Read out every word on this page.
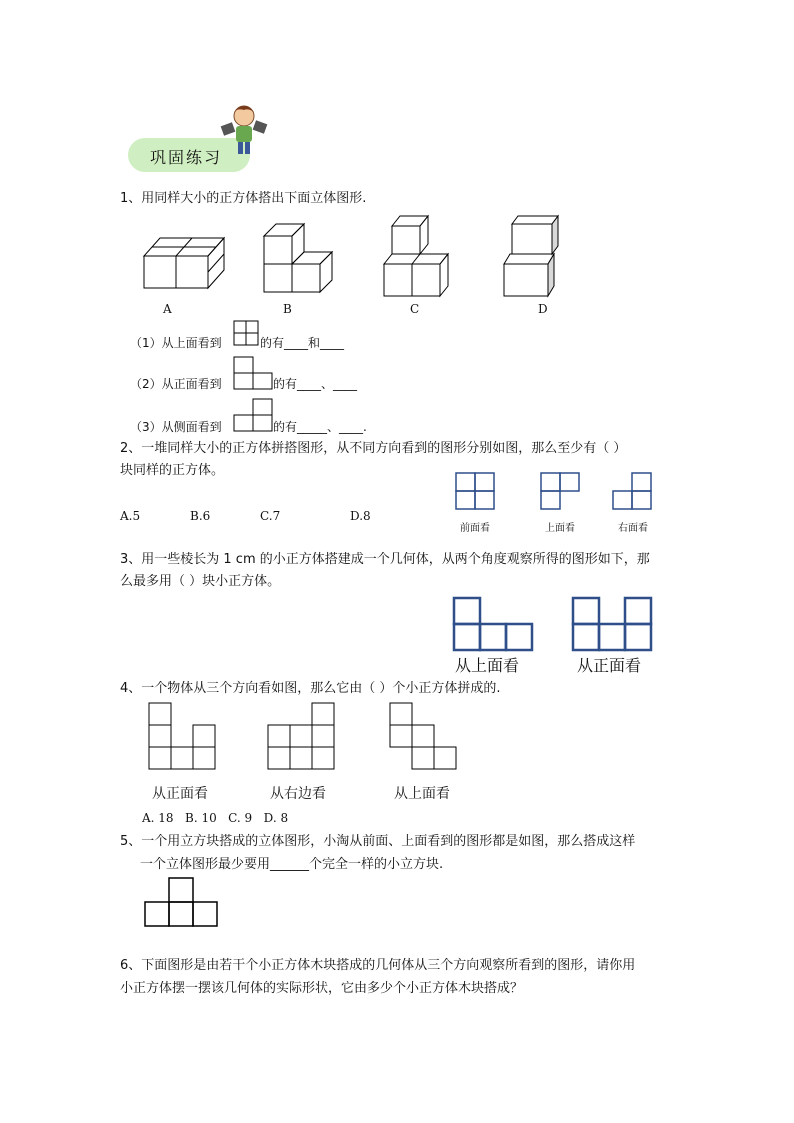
巩固练习
1、用同样大小的正方体搭出下面立体图形.
A	B	C	D
（1）从上面看到	的有____和____
（2）从正面看到	的有____、____
（3）从侧面看到	的有_____、____.
2、一堆同样大小的正方体拼搭图形，从不同方向看到的图形分别如图，那么至少有（ ）
块同样的正方体。
A.5	B.6	C.7	D.8
前面看	上面看	右面看
3、用一些棱长为 1 cm 的小正方体搭建成一个几何体，从两个角度观察所得的图形如下，那
么最多用（ ）块小正方体。
从上面看	从正面看
4、一个物体从三个方向看如图，那么它由（ ）个小正方体拼成的.
从正面看	从右边看	从上面看
A. 18   B. 10   C. 9   D. 8
5、一个用立方块搭成的立体图形，小淘从前面、上面看到的图形都是如图，那么搭成这样
一个立体图形最少要用______个完全一样的小立方块.
6、下面图形是由若干个小正方体木块搭成的几何体从三个方向观察所看到的图形，请你用
小正方体摆一摆该几何体的实际形状，它由多少个小正方体木块搭成？
